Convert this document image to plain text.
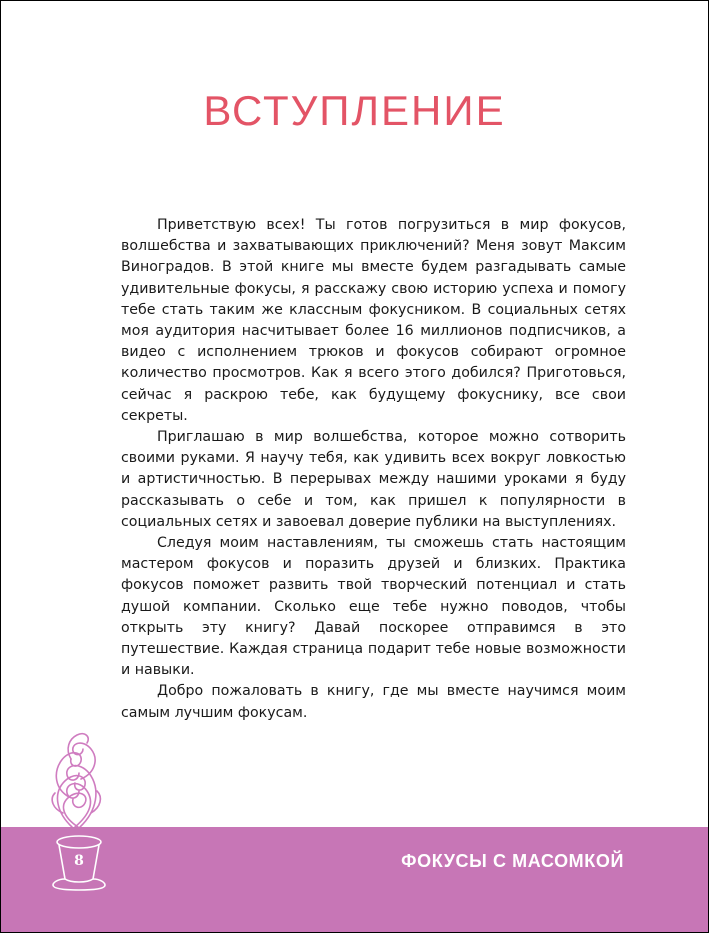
ВСТУПЛЕНИЕ

Приветствую всех! Ты готов погрузиться в мир фокусов, волшебства и захватывающих приключений? Меня зовут Максим Виноградов. В этой книге мы вместе будем разгадывать самые удивительные фокусы, я расскажу свою историю успеха и помогу тебе стать таким же классным фокусником. В социальных сетях моя аудитория насчитывает более 16 миллионов подписчиков, а видео с исполнением трюков и фокусов собирают огромное количество просмотров. Как я всего этого добился? Приготовься, сейчас я раскрою тебе, как будущему фокуснику, все свои секреты.

Приглашаю в мир волшебства, которое можно сотворить своими руками. Я научу тебя, как удивить всех вокруг ловкостью и артистичностью. В перерывах между нашими уроками я буду рассказывать о себе и том, как пришел к популярности в социальных сетях и завоевал доверие публики на выступлениях.

Следуя моим наставлениям, ты сможешь стать настоящим мастером фокусов и поразить друзей и близких. Практика фокусов поможет развить твой творческий потенциал и стать душой компании. Сколько еще тебе нужно поводов, чтобы открыть эту книгу? Давай поскорее отправимся в это путешествие. Каждая страница подарит тебе новые возможности и навыки.

Добро пожаловать в книгу, где мы вместе научимся моим самым лучшим фокусам.

8	ФОКУСЫ С МАСОМКОЙ
